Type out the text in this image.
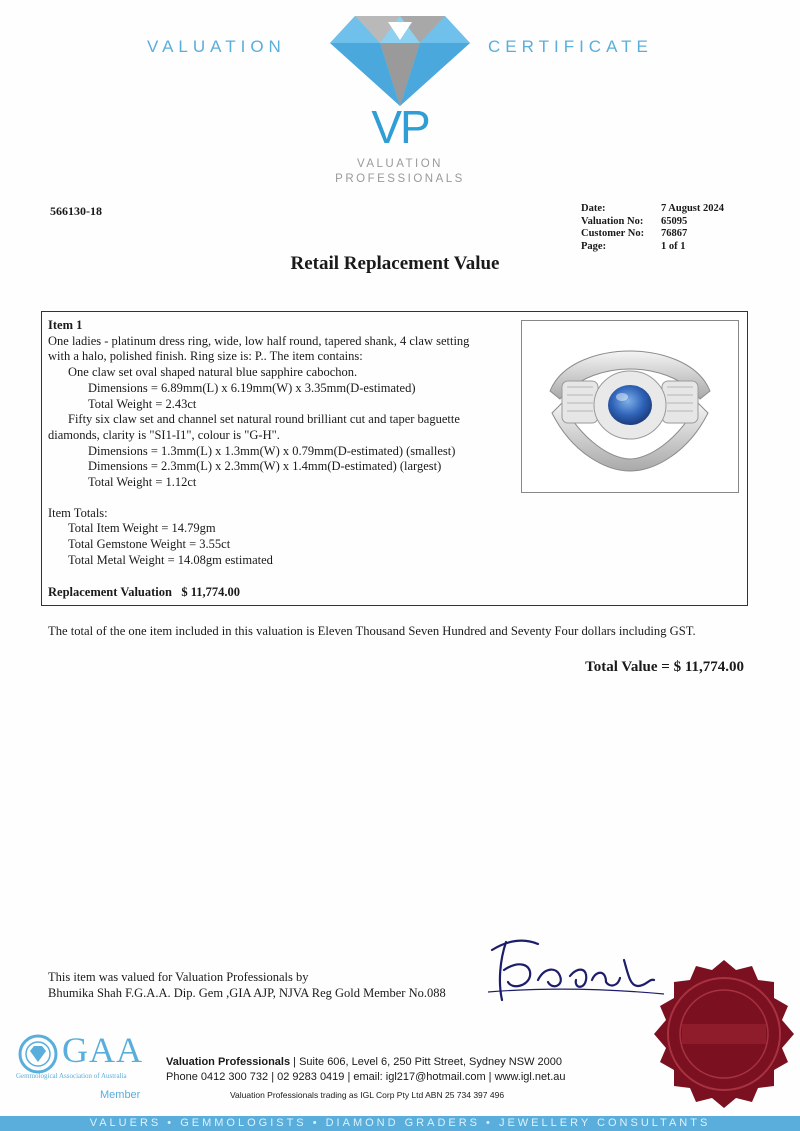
VALUATION	CERTIFICATE
VP
VALUATION
PROFESSIONALS
566130-18	Date:
Valuation No:
Customer No:
Page:
7 August 2024
65095
76867
1 of 1
Retail Replacement Value
Item 1
One ladies - platinum dress ring, wide, low half round, tapered shank, 4 claw setting
with a halo, polished finish. Ring size is: P.. The item contains:
One claw set oval shaped natural blue sapphire cabochon.
Dimensions = 6.89mm(L) x 6.19mm(W) x 3.35mm(D-estimated)
Total Weight = 2.43ct
Fifty six claw set and channel set natural round brilliant cut and taper baguette
diamonds, clarity is "SI1-I1", colour is "G-H".
Dimensions = 1.3mm(L) x 1.3mm(W) x 0.79mm(D-estimated) (smallest)
Dimensions = 2.3mm(L) x 2.3mm(W) x 1.4mm(D-estimated) (largest)
Total Weight = 1.12ct
Item Totals:
Total Item Weight = 14.79gm
Total Gemstone Weight = 3.55ct
Total Metal Weight = 14.08gm estimated
Replacement Valuation $ 11,774.00
The total of the one item included in this valuation is Eleven Thousand Seven Hundred and Seventy Four dollars including GST.
Total Value = $ 11,774.00
This item was valued for Valuation Professionals by
Bhumika Shah F.G.A.A. Dip. Gem ,GIA AJP, NJVA Reg Gold Member No.088
GAA
Gemmological Association of Australia
Member
Valuation Professionals | Suite 606, Level 6, 250 Pitt Street, Sydney NSW 2000
Phone 0412 300 732 | 02 9283 0419 | email: igl217@hotmail.com | www.igl.net.au
Valuation Professionals trading as IGL Corp Pty Ltd ABN 25 734 397 496
VALUERS • GEMMOLOGISTS • DIAMOND GRADERS • JEWELLERY CONSULTANTS
